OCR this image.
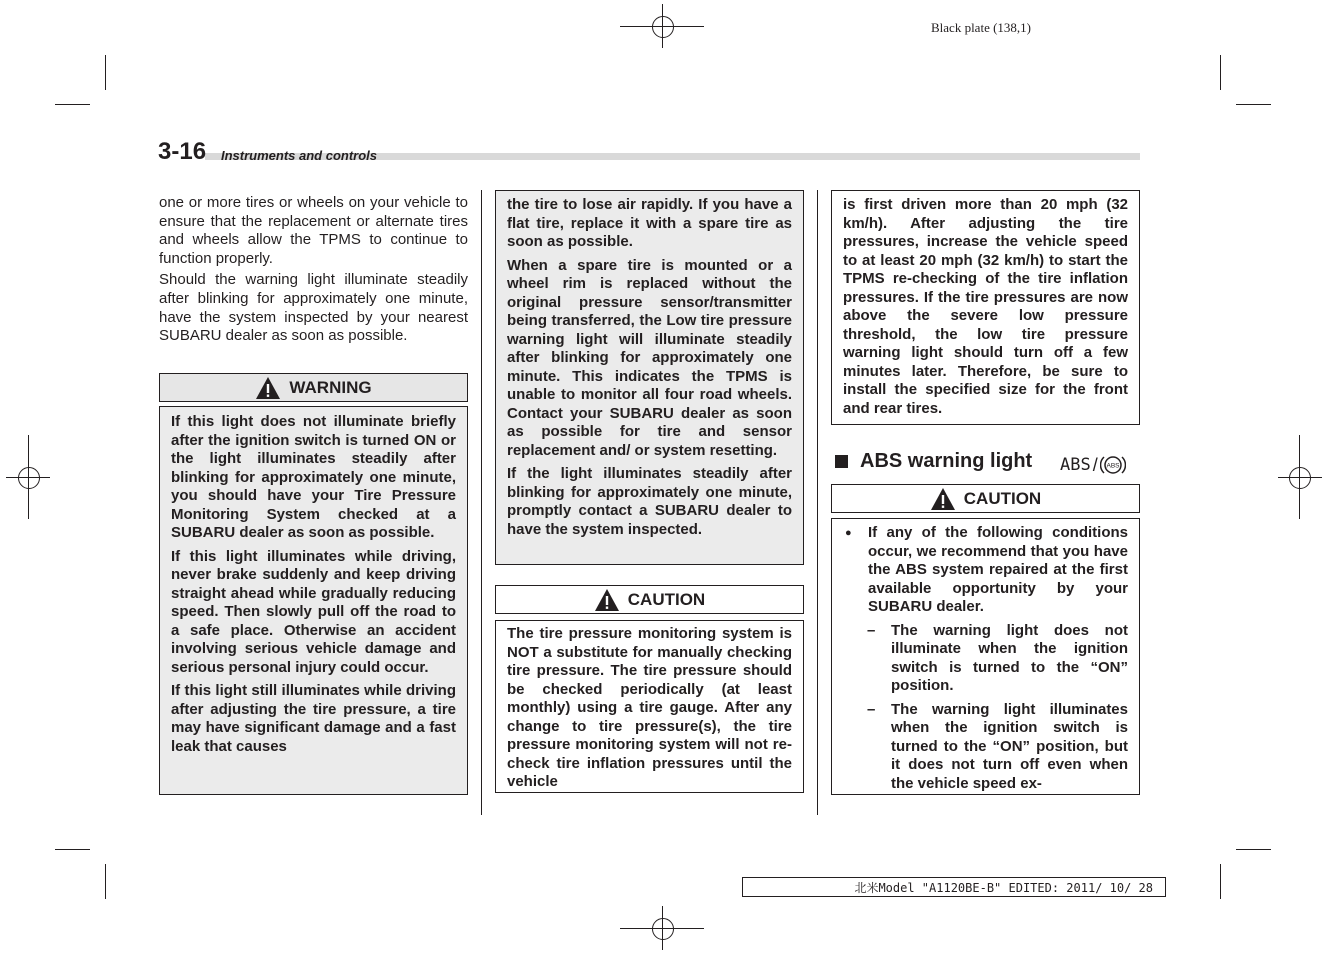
Black plate (138,1)
3-16 Instruments and controls

one or more tires or wheels on your vehicle to ensure that the replacement or alternate tires and wheels allow the TPMS to continue to function properly.

Should the warning light illuminate steadily after blinking for approximately one minute, have the system inspected by your nearest SUBARU dealer as soon as possible.

WARNING

If this light does not illuminate briefly after the ignition switch is turned ON or the light illuminates steadily after blinking for approximately one minute, you should have your Tire Pressure Monitoring System checked at a SUBARU dealer as soon as possible.

If this light illuminates while driving, never brake suddenly and keep driving straight ahead while gradually reducing speed. Then slowly pull off the road to a safe place. Otherwise an accident involving serious vehicle damage and serious personal injury could occur.

If this light still illuminates while driving after adjusting the tire pressure, a tire may have significant damage and a fast leak that causes

the tire to lose air rapidly. If you have a flat tire, replace it with a spare tire as soon as possible.

When a spare tire is mounted or a wheel rim is replaced without the original pressure sensor/transmitter being transferred, the Low tire pressure warning light will illuminate steadily after blinking for approximately one minute. This indicates the TPMS is unable to monitor all four road wheels. Contact your SUBARU dealer as soon as possible for tire and sensor replacement and/ or system resetting.

If the light illuminates steadily after blinking for approximately one minute, promptly contact a SUBARU dealer to have the system inspected.

CAUTION

The tire pressure monitoring system is NOT a substitute for manually checking tire pressure. The tire pressure should be checked periodically (at least monthly) using a tire gauge. After any change to tire pressure(s), the tire pressure monitoring system will not re-check tire inflation pressures until the vehicle

is first driven more than 20 mph (32 km/h). After adjusting the tire pressures, increase the vehicle speed to at least 20 mph (32 km/h) to start the TPMS re-checking of the tire inflation pressures. If the tire pressures are now above the severe low pressure threshold, the low tire pressure warning light should turn off a few minutes later. Therefore, be sure to install the specified size for the front and rear tires.

ABS warning light ABS / ABS
CAUTION
●	If any of the following conditions occur, we recommend that you have the ABS system repaired at the first available opportunity by your SUBARU dealer.

–	The warning light does not illuminate when the ignition switch is turned to the “ON” position.

–	The warning light illuminates when the ignition switch is turned to the “ON” position, but it does not turn off even when the vehicle speed ex-

北米Model "A1120BE-B" EDITED: 2011/ 10/ 28
